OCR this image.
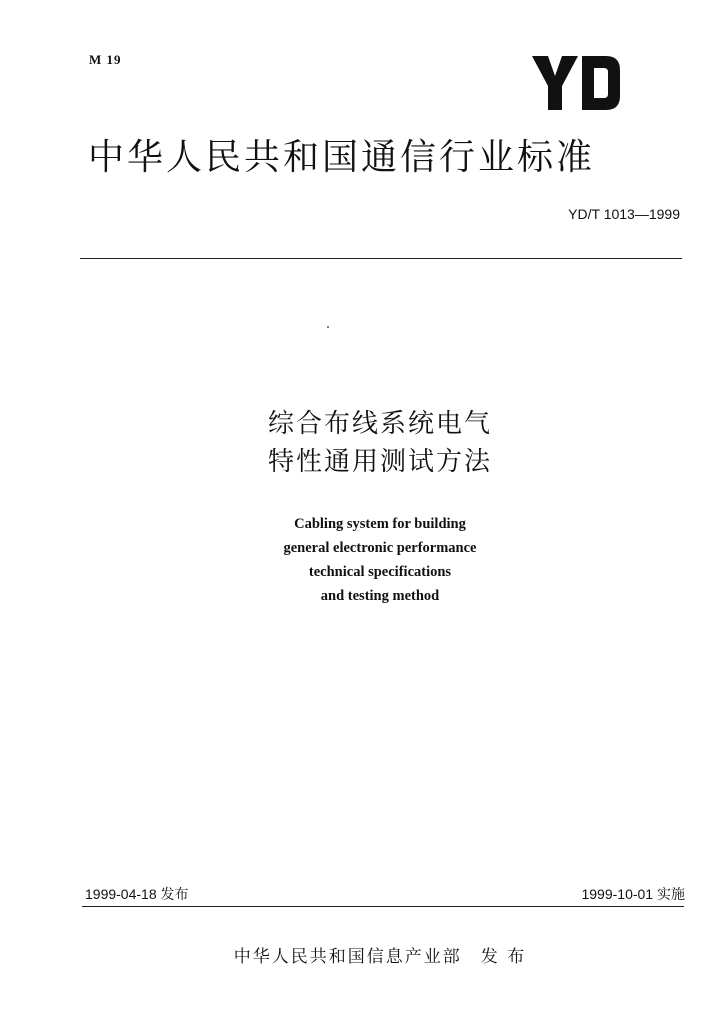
M 19
中华人民共和国通信行业标准
YD/T 1013—1999
综合布线系统电气
特性通用测试方法
Cabling system for building
general electronic performance
technical specifications
and testing method
1999-04-18 发布	1999-10-01 实施
中华人民共和国信息产业部　发 布
